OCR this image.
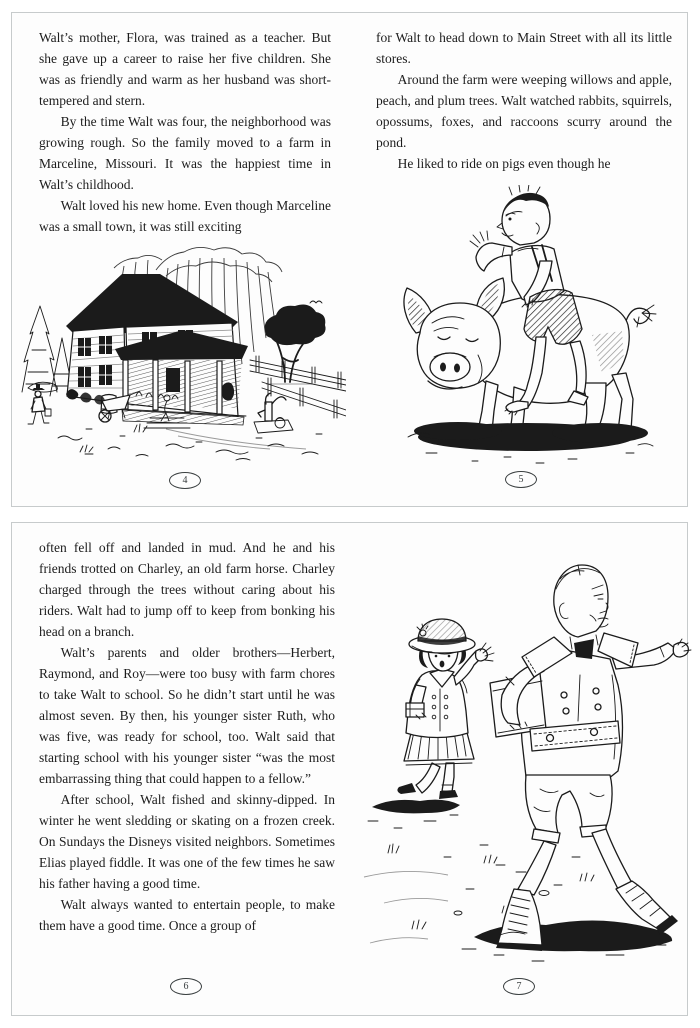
Walt’s mother, Flora, was trained as a teacher. But she gave up a career to raise her five children. She was as friendly and warm as her husband was short-tempered and stern.

By the time Walt was four, the neighborhood was growing rough. So the family moved to a farm in Marceline, Missouri. It was the happiest time in Walt’s childhood.

Walt loved his new home. Even though Marceline was a small town, it was still exciting

4

for Walt to head down to Main Street with all its little stores.

Around the farm were weeping willows and apple, peach, and plum trees. Walt watched rabbits, squirrels, opossums, foxes, and raccoons scurry around the pond.

He liked to ride on pigs even though he

5

often fell off and landed in mud. And he and his friends trotted on Charley, an old farm horse. Charley charged through the trees without caring about his riders. Walt had to jump off to keep from bonking his head on a branch.

Walt’s parents and older brothers—Herbert, Raymond, and Roy—were too busy with farm chores to take Walt to school. So he didn’t start until he was almost seven. By then, his younger sister Ruth, who was five, was ready for school, too. Walt said that starting school with his younger sister “was the most embarrassing thing that could happen to a fellow.”

After school, Walt fished and skinny-dipped. In winter he went sledding or skating on a frozen creek. On Sundays the Disneys visited neighbors. Sometimes Elias played fiddle. It was one of the few times he saw his father having a good time.

Walt always wanted to entertain people, to make them have a good time. Once a group of

6	7
